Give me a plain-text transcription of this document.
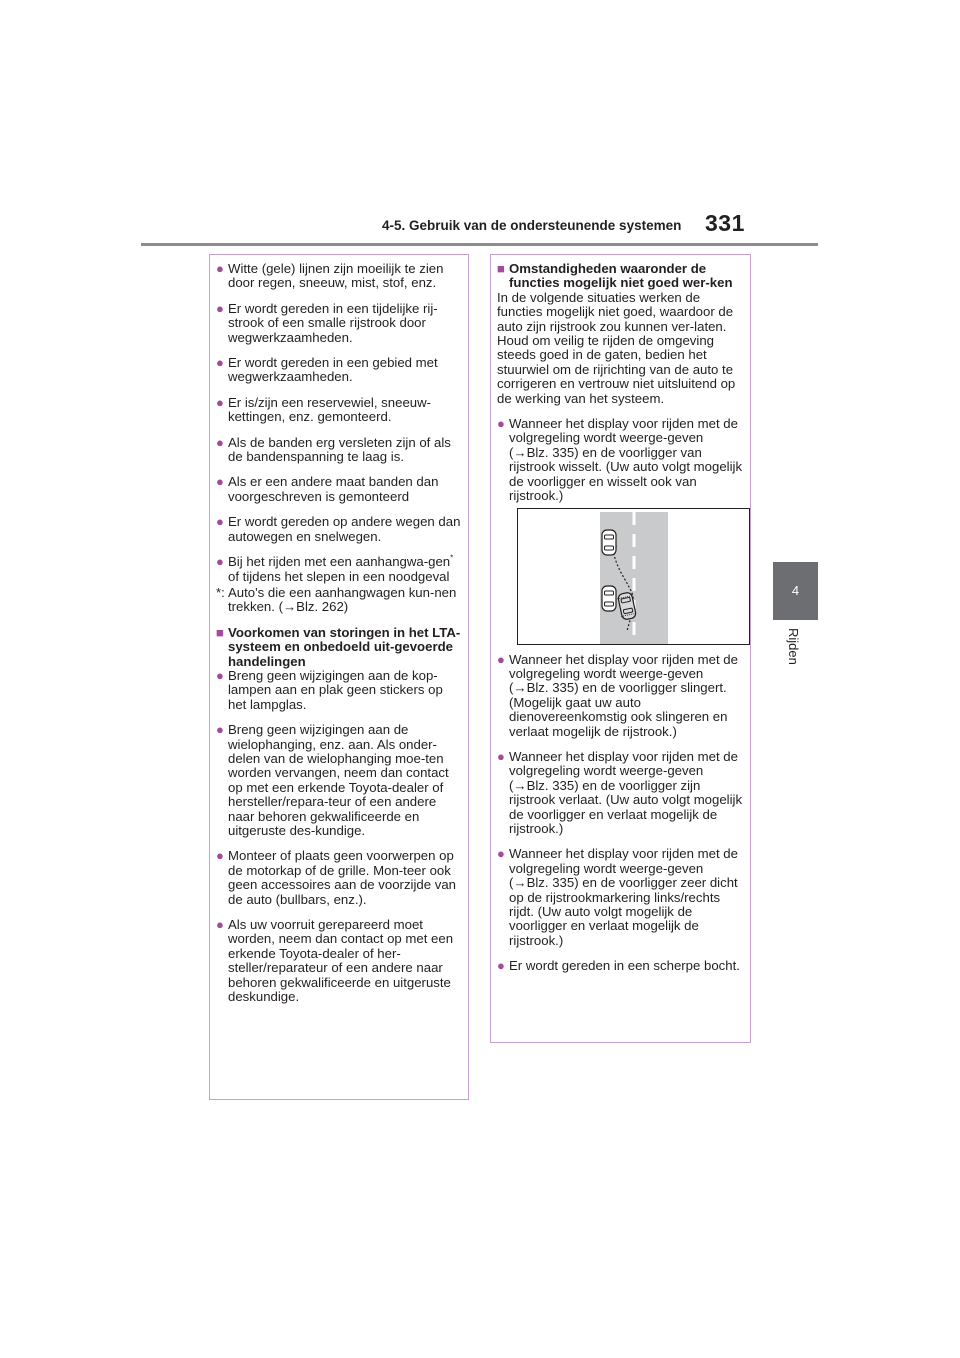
4-5. Gebruik van de ondersteunende systemen 331
4
Rijden
● Witte (gele) lijnen zijn moeilijk te zien door regen, sneeuw, mist, stof, enz.
● Er wordt gereden in een tijdelijke rij-strook of een smalle rijstrook door wegwerkzaamheden.
● Er wordt gereden in een gebied met wegwerkzaamheden.
● Er is/zijn een reservewiel, sneeuw-kettingen, enz. gemonteerd.
● Als de banden erg versleten zijn of als de bandenspanning te laag is.
● Als er een andere maat banden dan voorgeschreven is gemonteerd
● Er wordt gereden op andere wegen dan autowegen en snelwegen.
● Bij het rijden met een aanhangwa-gen* of tijdens het slepen in een noodgeval
*: Auto's die een aanhangwagen kun-nen trekken. (→Blz. 262)
■ Voorkomen van storingen in het LTA-systeem en onbedoeld uit-gevoerde handelingen
● Breng geen wijzigingen aan de kop-lampen aan en plak geen stickers op het lampglas.
● Breng geen wijzigingen aan de wielophanging, enz. aan. Als onder-delen van de wielophanging moe-ten worden vervangen, neem dan contact op met een erkende Toyota-dealer of hersteller/repara-teur of een andere naar behoren gekwalificeerde en uitgeruste des-kundige.
● Monteer of plaats geen voorwerpen op de motorkap of de grille. Mon-teer ook geen accessoires aan de voorzijde van de auto (bullbars, enz.).
● Als uw voorruit gerepareerd moet worden, neem dan contact op met een erkende Toyota-dealer of her-steller/reparateur of een andere naar behoren gekwalificeerde en uitgeruste deskundige.
■ Omstandigheden waaronder de functies mogelijk niet goed wer-ken
In de volgende situaties werken de functies mogelijk niet goed, waardoor de auto zijn rijstrook zou kunnen ver-laten. Houd om veilig te rijden de omgeving steeds goed in de gaten, bedien het stuurwiel om de rijrichting van de auto te corrigeren en vertrouw niet uitsluitend op de werking van het systeem.
● Wanneer het display voor rijden met de volgregeling wordt weerge-geven (→Blz. 335) en de voorligger van rijstrook wisselt. (Uw auto volgt mogelijk de voorligger en wisselt ook van rijstrook.)
● Wanneer het display voor rijden met de volgregeling wordt weerge-geven (→Blz. 335) en de voorligger slingert. (Mogelijk gaat uw auto dienovereenkomstig ook slingeren en verlaat mogelijk de rijstrook.)
● Wanneer het display voor rijden met de volgregeling wordt weerge-geven (→Blz. 335) en de voorligger zijn rijstrook verlaat. (Uw auto volgt mogelijk de voorligger en verlaat mogelijk de rijstrook.)
● Wanneer het display voor rijden met de volgregeling wordt weerge-geven (→Blz. 335) en de voorligger zeer dicht op de rijstrookmarkering links/rechts rijdt. (Uw auto volgt mogelijk de voorligger en verlaat mogelijk de rijstrook.)
● Er wordt gereden in een scherpe bocht.
